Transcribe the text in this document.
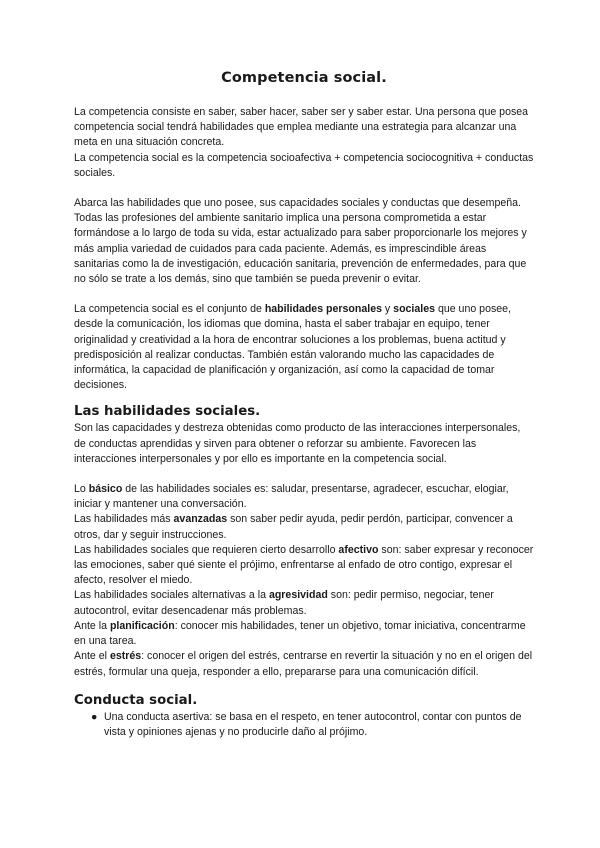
Competencia social.

La competencia consiste en saber, saber hacer, saber ser y saber estar. Una persona que posea competencia social tendrá habilidades que emplea mediante una estrategia para alcanzar una meta en una situación concreta.

La competencia social es la competencia socioafectiva + competencia sociocognitiva + conductas sociales.

Abarca las habilidades que uno posee, sus capacidades sociales y conductas que desempeña. Todas las profesiones del ambiente sanitario implica una persona comprometida a estar formándose a lo largo de toda su vida, estar actualizado para saber proporcionarle los mejores y más amplia variedad de cuidados para cada paciente. Además, es imprescindible áreas sanitarias como la de investigación, educación sanitaria, prevención de enfermedades, para que no sólo se trate a los demás, sino que también se pueda prevenir o evitar.

La competencia social es el conjunto de habilidades personales y sociales que uno posee, desde la comunicación, los idiomas que domina, hasta el saber trabajar en equipo, tener originalidad y creatividad a la hora de encontrar soluciones a los problemas, buena actitud y predisposición al realizar conductas. También están valorando mucho las capacidades de informática, la capacidad de planificación y organización, así como la capacidad de tomar decisiones.

Las habilidades sociales.

Son las capacidades y destreza obtenidas como producto de las interacciones interpersonales, de conductas aprendidas y sirven para obtener o reforzar su ambiente. Favorecen las interacciones interpersonales y por ello es importante en la competencia social.

Lo básico de las habilidades sociales es: saludar, presentarse, agradecer, escuchar, elogiar, iniciar y mantener una conversación.

Las habilidades más avanzadas son saber pedir ayuda, pedir perdón, participar, convencer a otros, dar y seguir instrucciones.

Las habilidades sociales que requieren cierto desarrollo afectivo son: saber expresar y reconocer las emociones, saber qué siente el prójimo, enfrentarse al enfado de otro contigo, expresar el afecto, resolver el miedo.

Las habilidades sociales alternativas a la agresividad son: pedir permiso, negociar, tener autocontrol, evitar desencadenar más problemas.

Ante la planificación: conocer mis habilidades, tener un objetivo, tomar iniciativa, concentrarme en una tarea.

Ante el estrés: conocer el origen del estrés, centrarse en revertir la situación y no en el origen del estrés, formular una queja, responder a ello, prepararse para una comunicación difícil.

Conducta social.
● Una conducta asertiva: se basa en el respeto, en tener autocontrol, contar con puntos de vista y opiniones ajenas y no producirle daño al prójimo.
